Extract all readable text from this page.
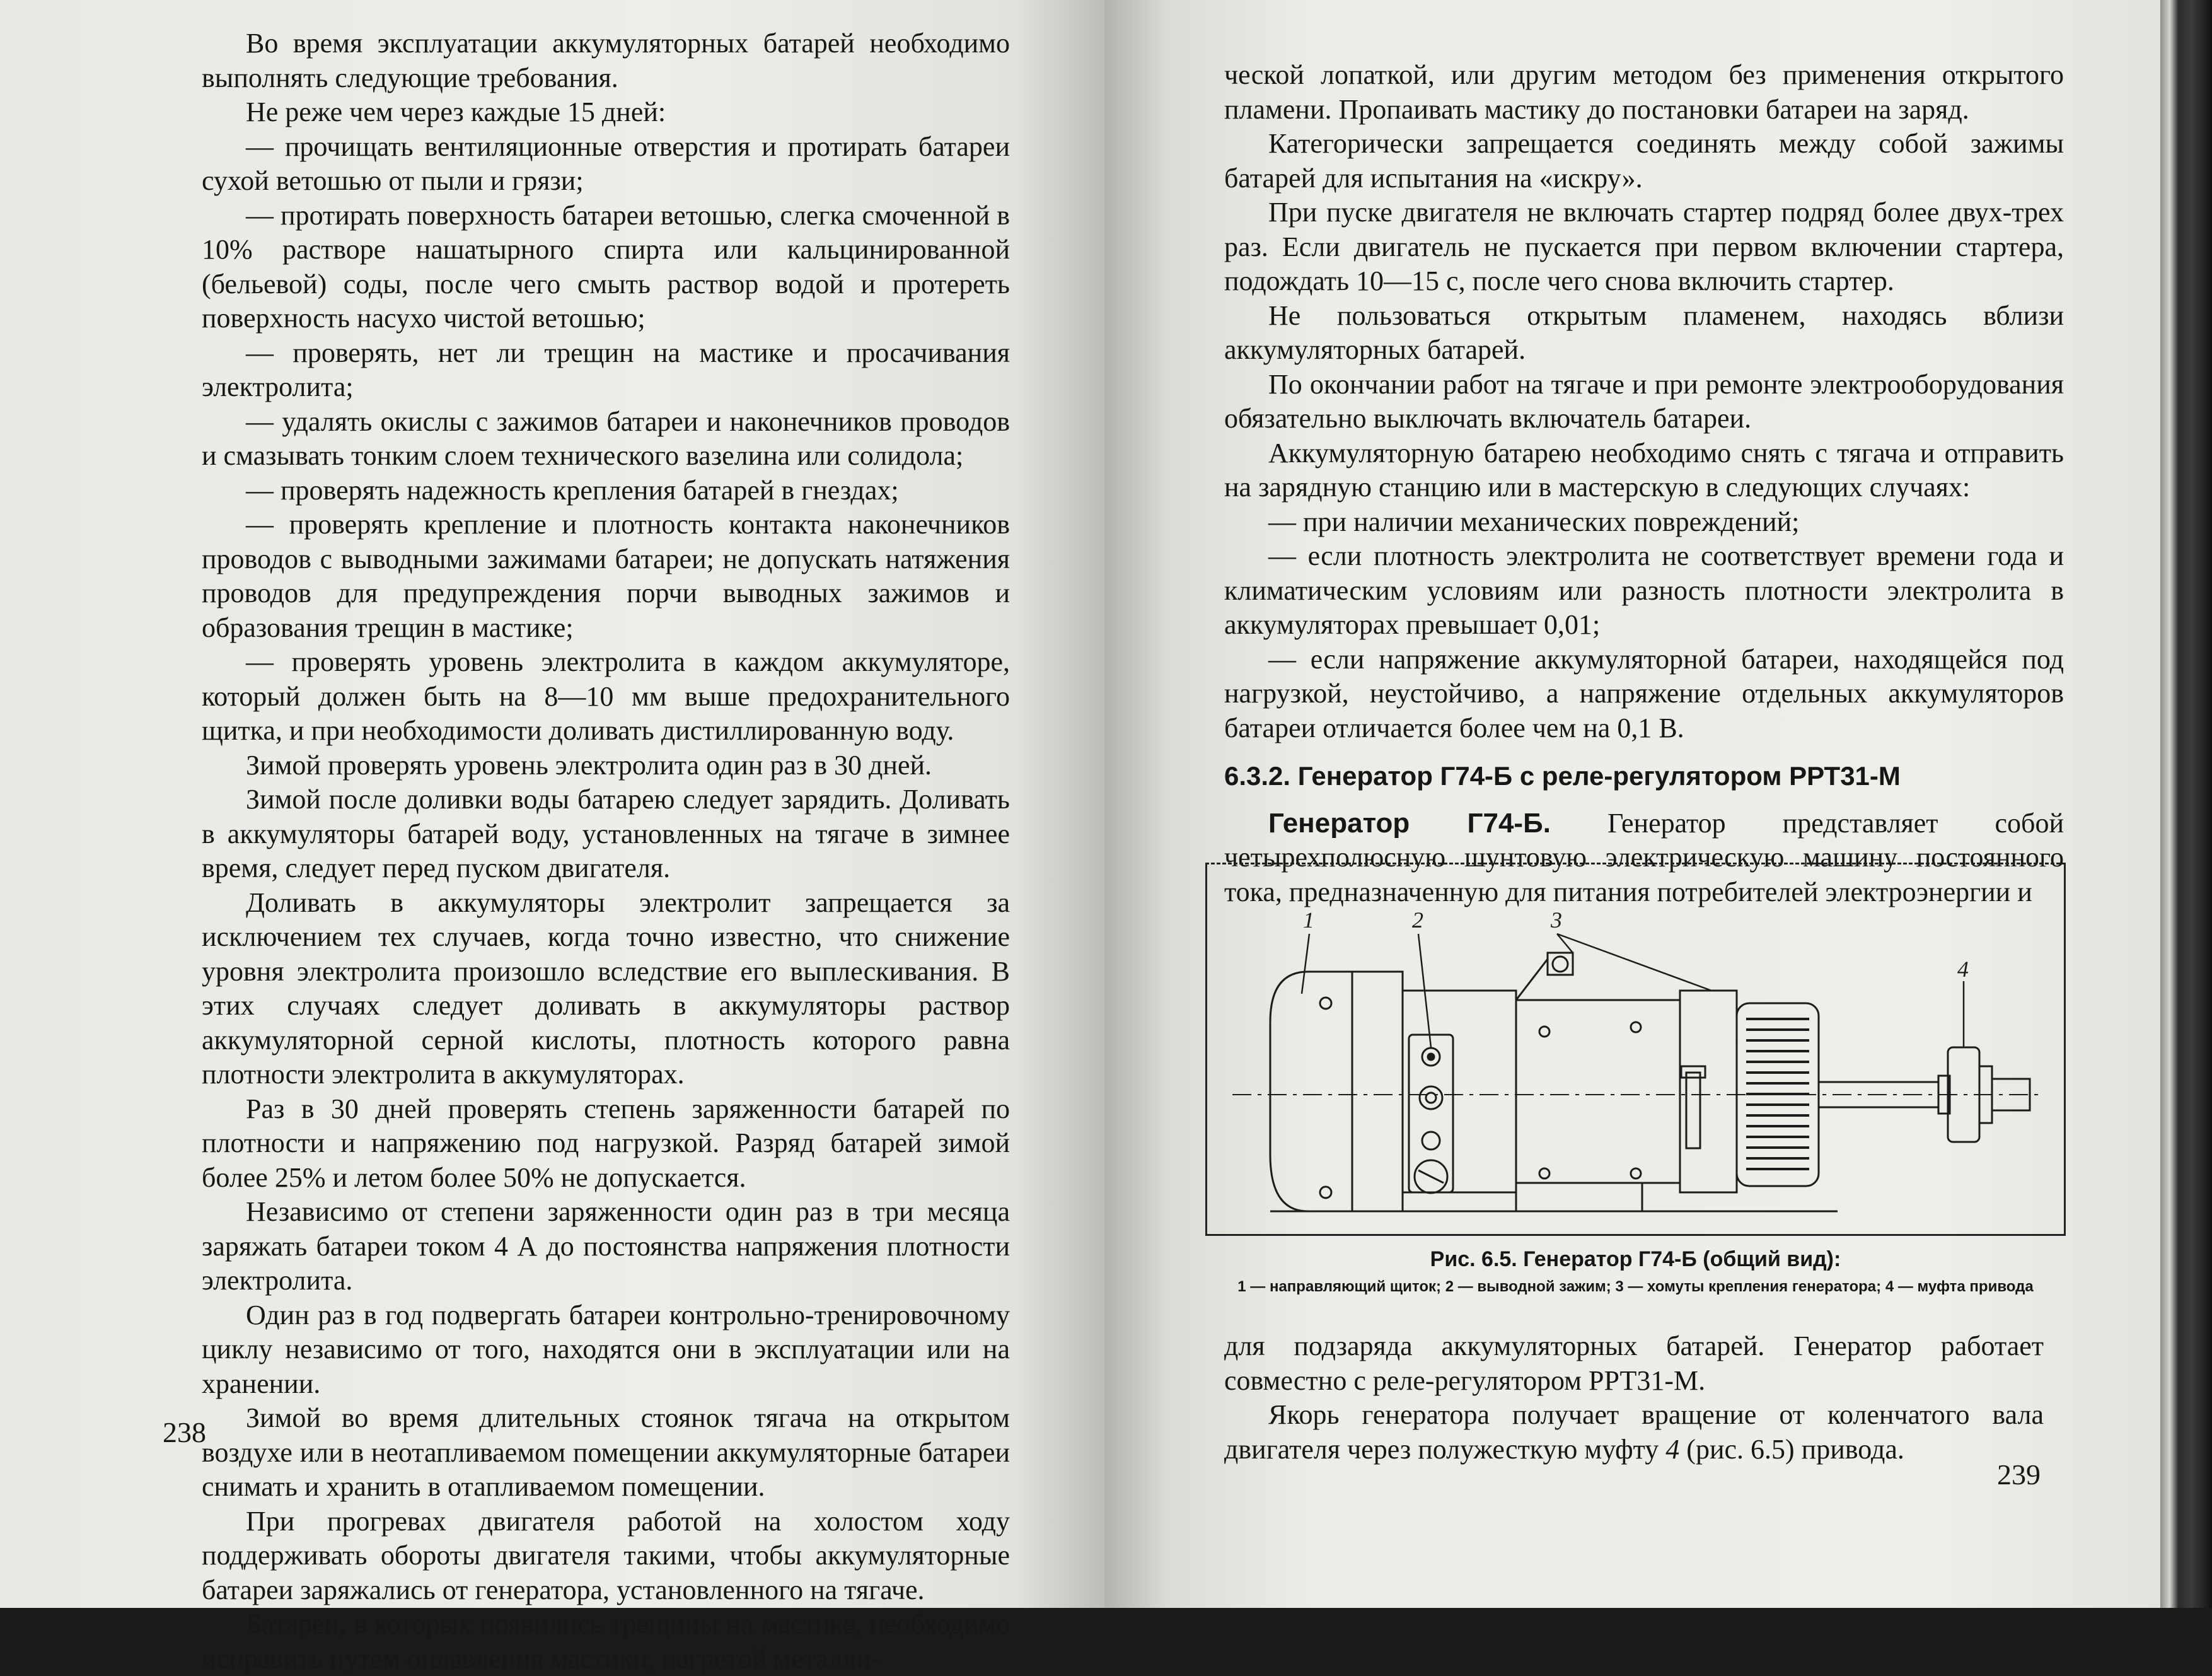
Во время эксплуатации аккумуляторных батарей необходимо выполнять следующие требования.

Не реже чем через каждые 15 дней:

— прочищать вентиляционные отверстия и протирать батареи сухой ветошью от пыли и грязи;

— протирать поверхность батареи ветошью, слегка смоченной в 10% растворе нашатырного спирта или кальцинированной (бельевой) соды, после чего смыть раствор водой и протереть поверхность насухо чистой ветошью;

— проверять, нет ли трещин на мастике и просачивания электролита;

— удалять окислы с зажимов батареи и наконечников проводов и смазывать тонким слоем технического вазелина или солидола;

— проверять надежность крепления батарей в гнездах;

— проверять крепление и плотность контакта наконечников проводов с выводными зажимами батареи; не допускать натяжения проводов для предупреждения порчи выводных зажимов и образования трещин в мастике;

— проверять уровень электролита в каждом аккумуляторе, который должен быть на 8—10 мм выше предохранительного щитка, и при необходимости доливать дистиллированную воду.

Зимой проверять уровень электролита один раз в 30 дней.

Зимой после доливки воды батарею следует зарядить. Доливать в аккумуляторы батарей воду, установленных на тягаче в зимнее время, следует перед пуском двигателя.

Доливать в аккумуляторы электролит запрещается за исключением тех случаев, когда точно известно, что снижение уровня электролита произошло вследствие его выплескивания. В этих случаях следует доливать в аккумуляторы раствор аккумуляторной серной кислоты, плотность которого равна плотности электролита в аккумуляторах.

Раз в 30 дней проверять степень заряженности батарей по плотности и напряжению под нагрузкой. Разряд батарей зимой более 25% и летом более 50% не допускается.

Независимо от степени заряженности один раз в три месяца заряжать батареи током 4 А до постоянства напряжения плотности электролита.

Один раз в год подвергать батареи контрольно-тренировочному циклу независимо от того, находятся они в эксплуатации или на хранении.

Зимой во время длительных стоянок тягача на открытом воздухе или в неотапливаемом помещении аккумуляторные батареи снимать и хранить в отапливаемом помещении.

При прогревах двигателя работой на холостом ходу поддерживать обороты двигателя такими, чтобы аккумуляторные батареи заряжались от генератора, установленного на тягаче.

Батареи, в которых появились трещины на мастике, необходимо исправить путем оплавления мастики, нагретой металли-

238

ческой лопаткой, или другим методом без применения открытого пламени. Пропаивать мастику до постановки батареи на заряд.

Категорически запрещается соединять между собой зажимы батарей для испытания на «искру».

При пуске двигателя не включать стартер подряд более двух-трех раз. Если двигатель не пускается при первом включении стартера, подождать 10—15 с, после чего снова включить стартер.

Не пользоваться открытым пламенем, находясь вблизи аккумуляторных батарей.

По окончании работ на тягаче и при ремонте электрооборудования обязательно выключать включатель батареи.

Аккумуляторную батарею необходимо снять с тягача и отправить на зарядную станцию или в мастерскую в следующих случаях:

— при наличии механических повреждений;

— если плотность электролита не соответствует времени года и климатическим условиям или разность плотности электролита в аккумуляторах превышает 0,01;

— если напряжение аккумуляторной батареи, находящейся под нагрузкой, неустойчиво, а напряжение отдельных аккумуляторов батареи отличается более чем на 0,1 В.

6.3.2. Генератор Г74-Б с реле-регулятором РРТ31-М

Генератор Г74-Б. Генератор представляет собой четырехполюсную шунтовую электрическую машину постоянного тока, предназначенную для питания потребителей электроэнергии и

1	2	3
4
Рис. 6.5. Генератор Г74-Б (общий вид):
1 — направляющий щиток; 2 — выводной зажим; 3 — хомуты крепления генератора; 4 — муфта привода

для подзаряда аккумуляторных батарей. Генератор работает совместно с реле-регулятором РРТ31-М.

Якорь генератора получает вращение от коленчатого вала двигателя через полужесткую муфту 4 (рис. 6.5) привода.

239
